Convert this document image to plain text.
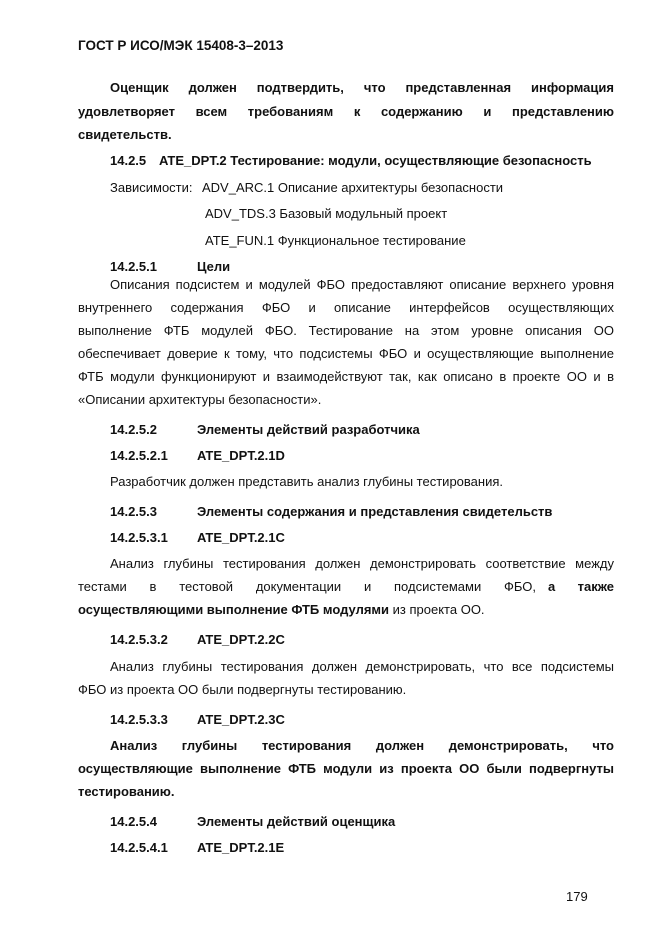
ГОСТ Р ИСО/МЭК 15408-3–2013
Оценщик должен подтвердить, что представленная информация
удовлетворяет всем требованиям к содержанию и представлению
свидетельств.
14.2.5 ATE_DPT.2 Тестирование: модули, осуществляющие безопасность
Зависимости: ADV_ARC.1 Описание архитектуры безопасности
ADV_TDS.3 Базовый модульный проект
ATE_FUN.1 Функциональное тестирование
14.2.5.1	Цели
Описания подсистем и модулей ФБО предоставляют описание верхнего уровня
внутреннего содержания ФБО и описание интерфейсов осуществляющих
выполнение ФТБ модулей ФБО. Тестирование на этом уровне описания ОО
обеспечивает доверие к тому, что подсистемы ФБО и осуществляющие выполнение
ФТБ модули функционируют и взаимодействуют так, как описано в проекте ОО и в
«Описании архитектуры безопасности».
14.2.5.2	Элементы действий разработчика
14.2.5.2.1 ATE_DPT.2.1D
Разработчик должен представить анализ глубины тестирования.
14.2.5.3	Элементы содержания и представления свидетельств
14.2.5.3.1 ATE_DPT.2.1C
Анализ глубины тестирования должен демонстрировать соответствие между
тестами в тестовой документации и подсистемами ФБО, а также
осуществляющими выполнение ФТБ модулями из проекта ОО.
14.2.5.3.2 ATE_DPT.2.2C
Анализ глубины тестирования должен демонстрировать, что все подсистемы
ФБО из проекта ОО были подвергнуты тестированию.
14.2.5.3.3 ATE_DPT.2.3C
Анализ глубины тестирования должен демонстрировать, что
осуществляющие выполнение ФТБ модули из проекта ОО были подвергнуты
тестированию.
14.2.5.4	Элементы действий оценщика
14.2.5.4.1 ATE_DPT.2.1E
179
